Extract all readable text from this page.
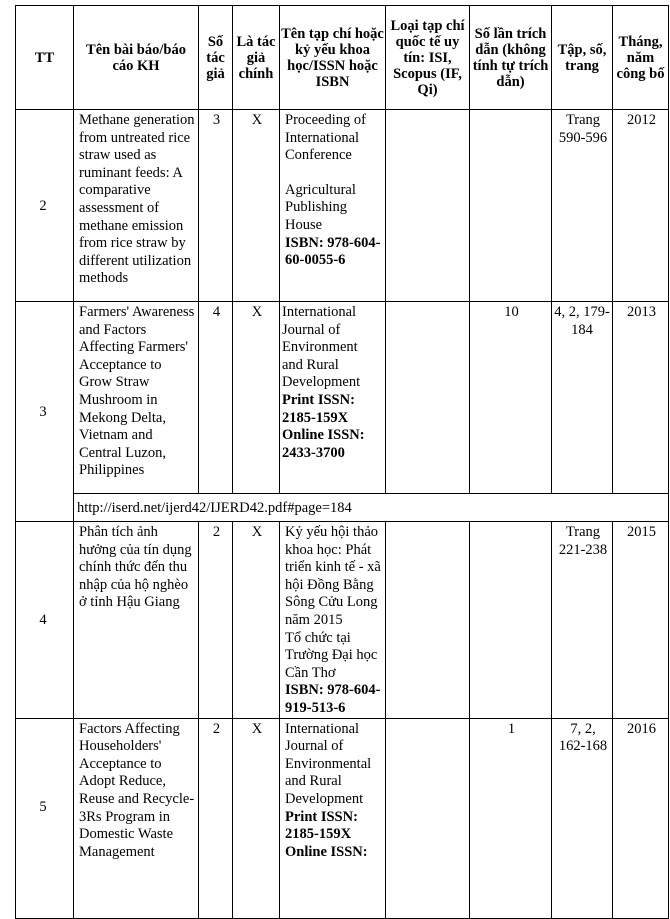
TT	Tên bài báo/báo cáo KH	Số tác giả	Là tác giả chính	Tên tạp chí hoặc kỷ yếu khoa học/ISSN hoặc ISBN	Loại tạp chí quốc tế uy tín: ISI, Scopus (IF, Qi)	Số lần trích dẫn (không tính tự trích dẫn)	Tập, số, trang	Tháng, năm công bố
2	Methane generation from untreated rice straw used as ruminant feeds: A comparative assessment of methane emission from rice straw by different utilization methods	3	X	Proceeding of International Conference
Agricultural Publishing House
ISBN: 978-604-60-0055-6			Trang 590-596	2012
3	Farmers' Awareness and Factors Affecting Farmers' Acceptance to Grow Straw Mushroom in Mekong Delta, Vietnam and Central Luzon, Philippines	4	X	International Journal of Environment and Rural Development
Print ISSN: 2185-159X Online ISSN: 2433-3700		10	4, 2, 179-184	2013
	http://iserd.net/ijerd42/IJERD42.pdf#page=184							
4	Phân tích ảnh hưởng của tín dụng chính thức đến thu nhập của hộ nghèo ở tỉnh Hậu Giang	2	X	Kỷ yếu hội thảo khoa học: Phát triển kinh tế - xã hội Đồng Bằng Sông Cửu Long năm 2015
Tổ chức tại Trường Đại học Cần Thơ
ISBN: 978-604-919-513-6			Trang 221-238	2015
5	Factors Affecting Householders' Acceptance to Adopt Reduce, Reuse and Recycle-3Rs Program in Domestic Waste Management	2	X	International Journal of Environmental and Rural Development
Print ISSN: 2185-159X Online ISSN:		1	7, 2, 162-168	2016
